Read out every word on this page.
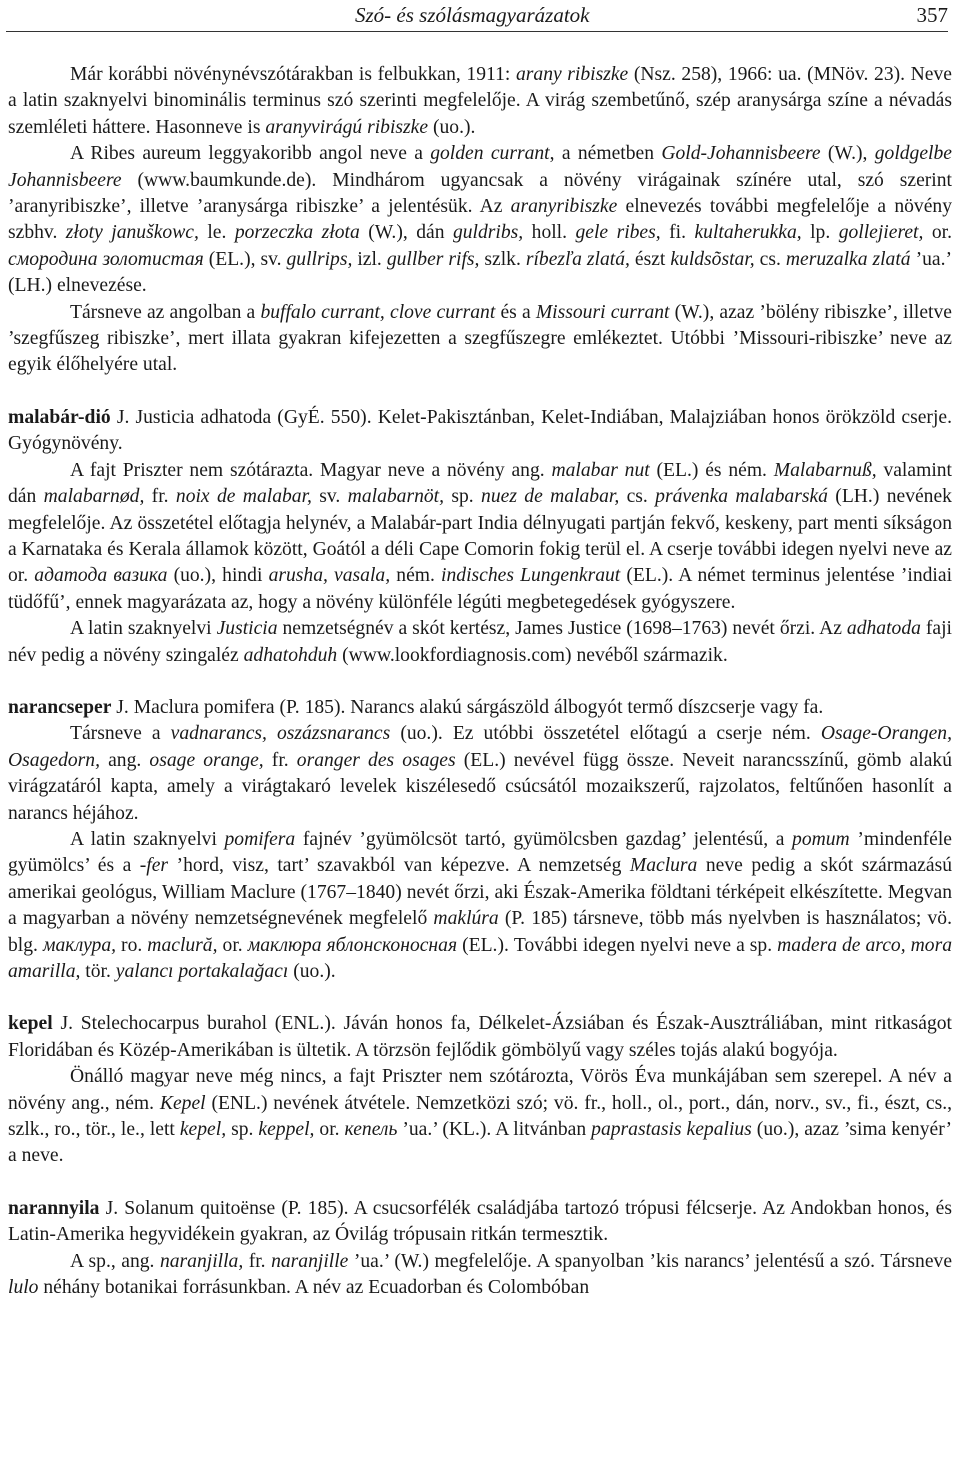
Szó- és szólásmagyarázatok	357

Már korábbi növénynévszótárakban is felbukkan, 1911: arany ribiszke (Nsz. 258), 1966: ua. (MNöv. 23). Neve a latin szaknyelvi binominális terminus szó szerinti megfelelője. A virág szembetűnő, szép aranysárga színe a névadás szemléleti háttere. Hasonneve is aranyvirágú ribiszke (uo.).

A Ribes aureum leggyakoribb angol neve a golden currant, a németben Gold-Johannisbeere (W.), goldgelbe Johannisbeere (www.baumkunde.de). Mindhárom ugyancsak a növény virágainak színére utal, szó szerint ’aranyribiszke’, illetve ’aranysárga ribiszke’ a jelentésük. Az aranyribiszke elnevezés további megfelelője a növény szbhv. złoty januškowc, le. porzeczka złota (W.), dán guldribs, holl. gele ribes, fi. kultaherukka, lp. gollejieret, or. смородина золотистая (EL.), sv. gullrips, izl. gullber rifs, szlk. ríbezľa zlatá, észt kuldsõstar, cs. meruzalka zlatá ’ua.’ (LH.) elnevezése.

Társneve az angolban a buffalo currant, clove currant és a Missouri currant (W.), azaz ’bölény ribiszke’, illetve ’szegfűszeg ribiszke’, mert illata gyakran kifejezetten a szegfűszegre emlékeztet. Utóbbi ’Missouri-ribiszke’ neve az egyik élőhelyére utal.

malabár-dió J. Justicia adhatoda (GyÉ. 550). Kelet-Pakisztánban, Kelet-Indiában, Malajziában honos örökzöld cserje. Gyógynövény.

A fajt Priszter nem szótárazta. Magyar neve a növény ang. malabar nut (EL.) és ném. Malabarnuß, valamint dán malabarnød, fr. noix de malabar, sv. malabarnöt, sp. nuez de malabar, cs. právenka malabarská (LH.) nevének megfelelője. Az összetétel előtagja helynév, a Malabár-part India délnyugati partján fekvő, keskeny, part menti síkságon a Karnataka és Kerala államok között, Goától a déli Cape Comorin fokig terül el. A cserje további idegen nyelvi neve az or. адатода вазика (uo.), hindi arusha, vasala, ném. indisches Lungenkraut (EL.). A német terminus jelentése ’indiai tüdőfű’, ennek magyarázata az, hogy a növény különféle légúti megbetegedések gyógyszere.

A latin szaknyelvi Justicia nemzetségnév a skót kertész, James Justice (1698–1763) nevét őrzi. Az adhatoda faji név pedig a növény szingaléz adhatohduh (www.lookfordiagnosis.com) nevéből származik.

narancseper J. Maclura pomifera (P. 185). Narancs alakú sárgászöld álbogyót termő díszcserje vagy fa.

Társneve a vadnarancs, oszázsnarancs (uo.). Ez utóbbi összetétel előtagú a cserje ném. Osage-Orangen, Osagedorn, ang. osage orange, fr. oranger des osages (EL.) nevével függ össze. Neveit narancsszínű, gömb alakú virágzatáról kapta, amely a virágtakaró levelek kiszélesedő csúcsától mozaikszerű, rajzolatos, feltűnően hasonlít a narancs héjához.

A latin szaknyelvi pomifera fajnév ’gyümölcsöt tartó, gyümölcsben gazdag’ jelentésű, a pomum ’mindenféle gyümölcs’ és a -fer ’hord, visz, tart’ szavakból van képezve. A nemzetség Maclura neve pedig a skót származású amerikai geológus, William Maclure (1767–1840) nevét őrzi, aki Észak-Amerika földtani térképeit elkészítette. Megvan a magyarban a növény nemzetségnevének megfelelő maklúra (P. 185) társneve, több más nyelvben is használatos; vö. blg. маклура, ro. maclură, or. маклюра яблонсконосная (EL.). További idegen nyelvi neve a sp. madera de arco, mora amarilla, tör. yalancı portakalağacı (uo.).

kepel J. Stelechocarpus burahol (ENL.). Jáván honos fa, Délkelet-Ázsiában és Észak-Ausztráliában, mint ritkaságot Floridában és Közép-Amerikában is ültetik. A törzsön fejlődik gömbölyű vagy széles tojás alakú bogyója.

Önálló magyar neve még nincs, a fajt Priszter nem szótározta, Vörös Éva munkájában sem szerepel. A név a növény ang., ném. Kepel (ENL.) nevének átvétele. Nemzetközi szó; vö. fr., holl., ol., port., dán, norv., sv., fi., észt, cs., szlk., ro., tör., le., lett kepel, sp. keppel, or. кепель ’ua.’ (KL.). A litvánban paprastasis kepalius (uo.), azaz ’sima kenyér’ a neve.

narannyila J. Solanum quitoënse (P. 185). A csucsorfélék családjába tartozó trópusi félcserje. Az Andokban honos, és Latin-Amerika hegyvidékein gyakran, az Óvilág trópusain ritkán termesztik.

A sp., ang. naranjilla, fr. naranjille ’ua.’ (W.) megfelelője. A spanyolban ’kis narancs’ jelentésű a szó. Társneve lulo néhány botanikai forrásunkban. A név az Ecuadorban és Colombóban
